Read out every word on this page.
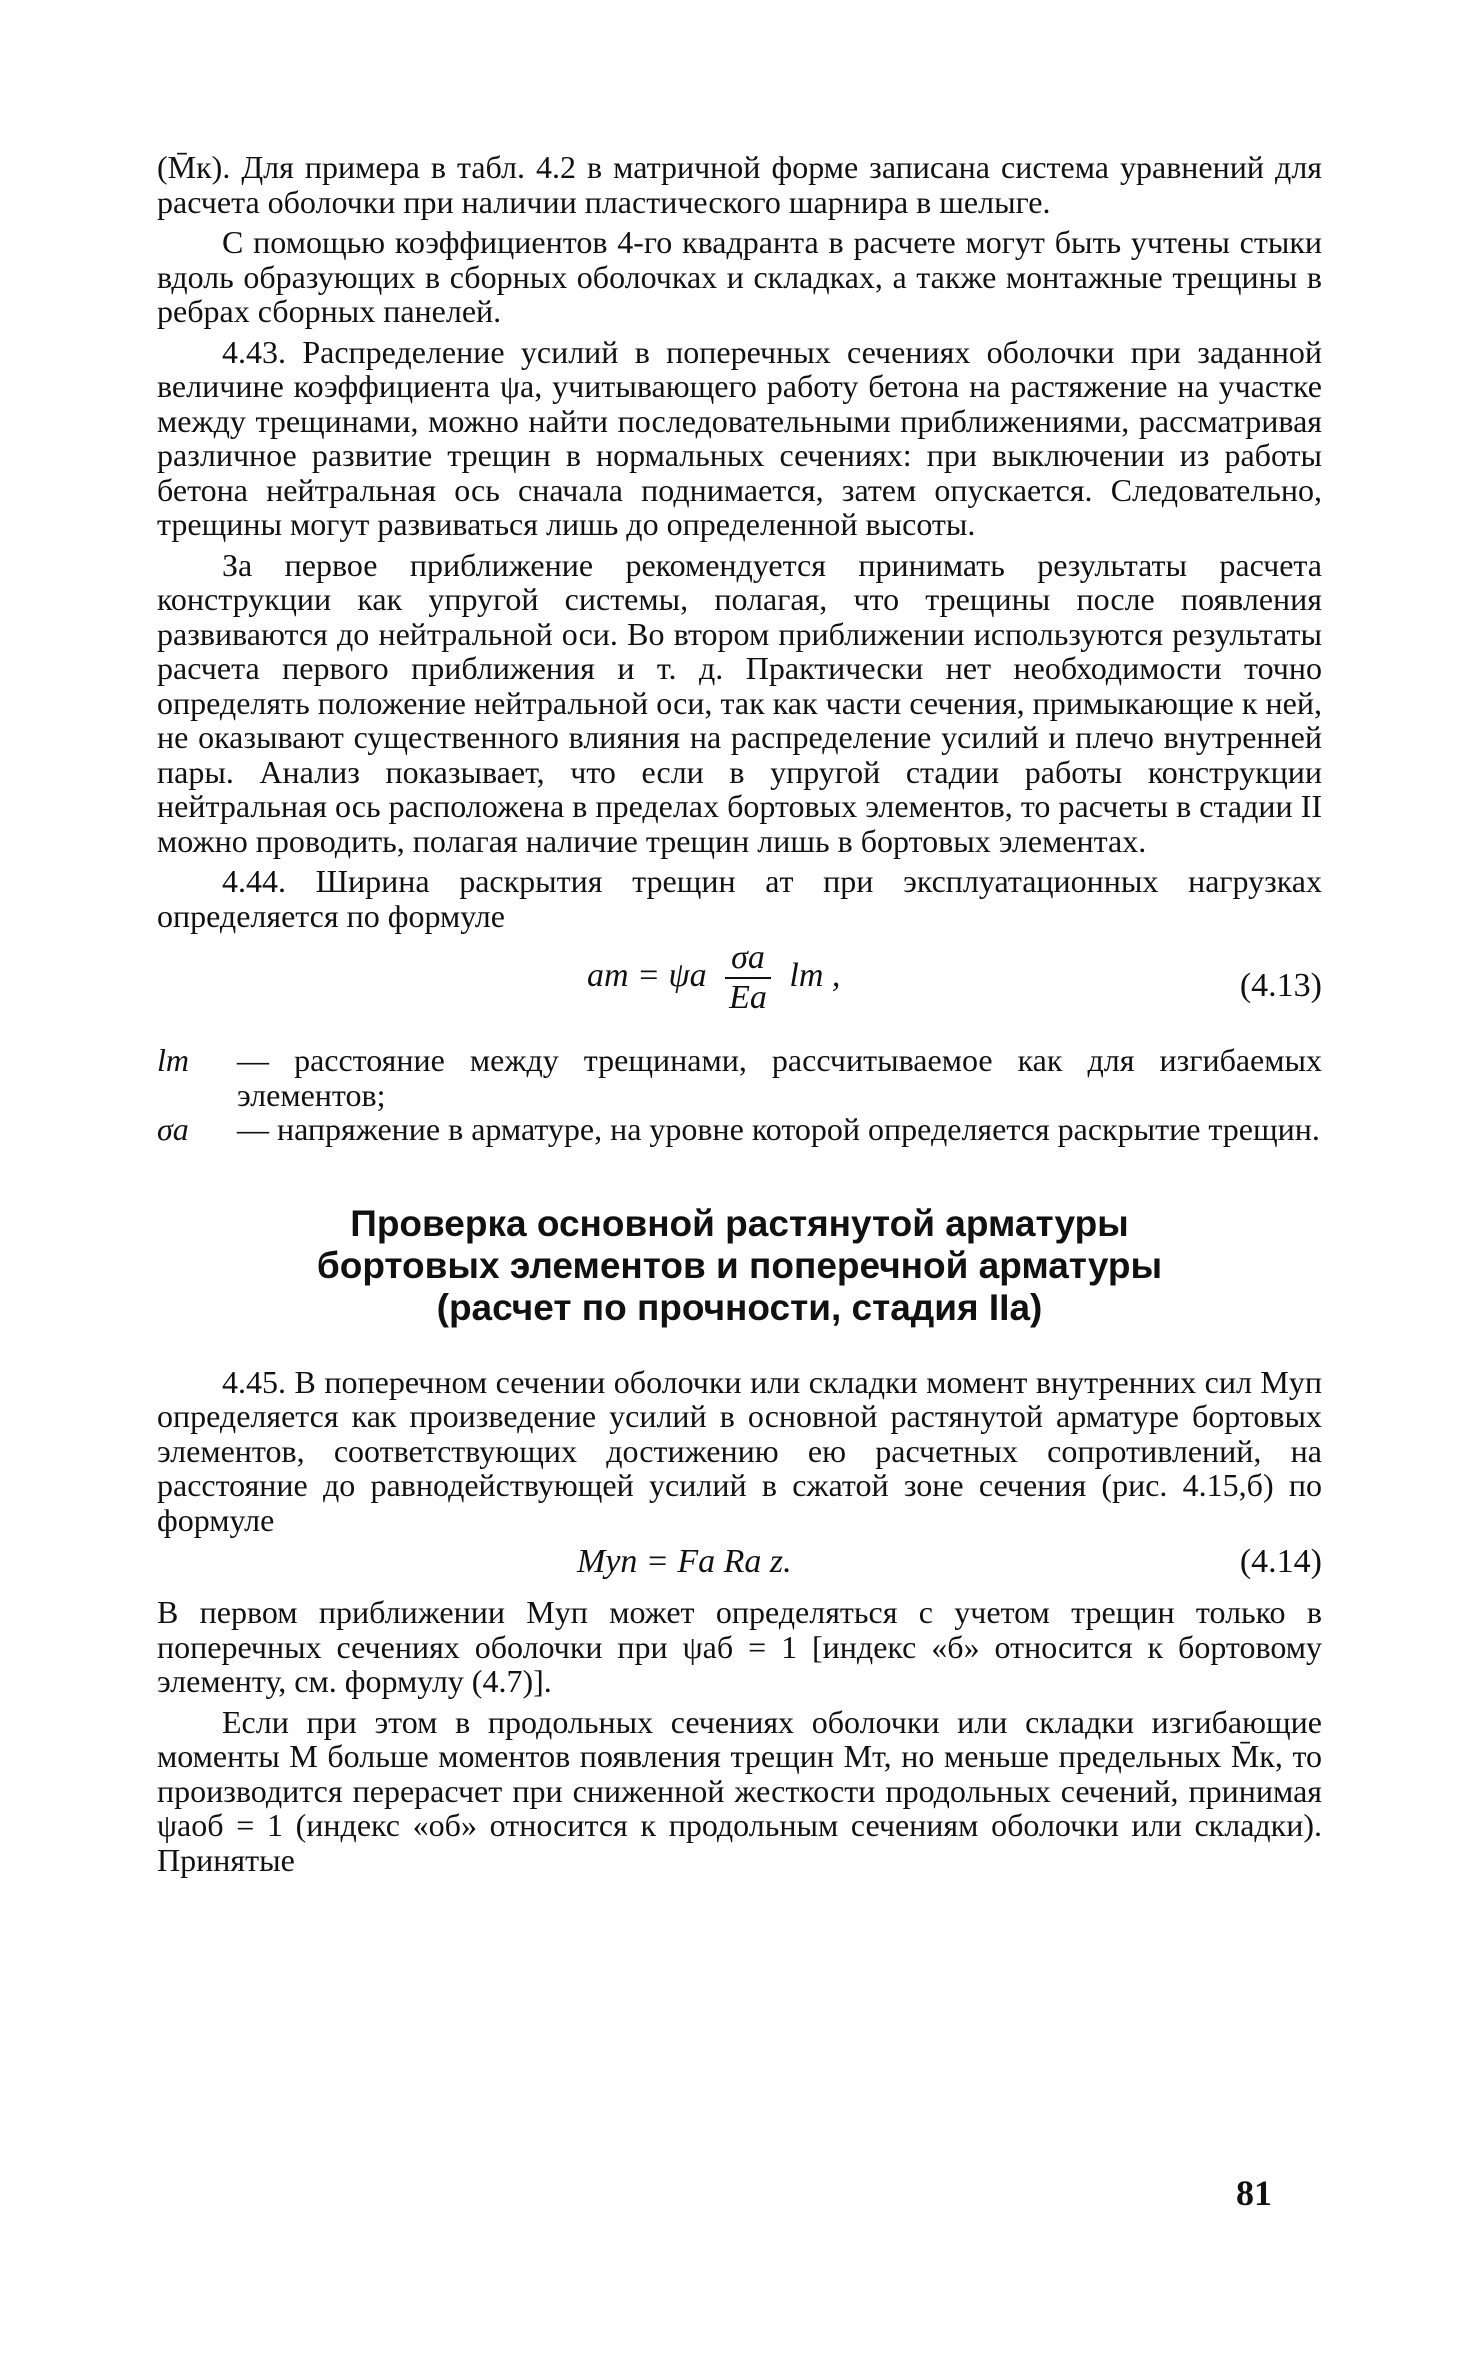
(M̄к). Для примера в табл. 4.2 в матричной форме записана система уравнений для расчета оболочки при наличии пластического шарнира в шелыге.

С помощью коэффициентов 4-го квадранта в расчете могут быть учтены стыки вдоль образующих в сборных оболочках и складках, а также монтажные трещины в ребрах сборных панелей.

4.43. Распределение усилий в поперечных сечениях оболочки при заданной величине коэффициента ψа, учитывающего работу бетона на растяжение на участке между трещинами, можно найти последовательными приближениями, рассматривая различное развитие трещин в нормальных сечениях: при выключении из работы бетона нейтральная ось сначала поднимается, затем опускается. Следовательно, трещины могут развиваться лишь до определенной высоты.

За первое приближение рекомендуется принимать результаты расчета конструкции как упругой системы, полагая, что трещины после появления развиваются до нейтральной оси. Во втором приближении используются результаты расчета первого приближения и т. д. Практически нет необходимости точно определять положение нейтральной оси, так как части сечения, примыкающие к ней, не оказывают существенного влияния на распределение усилий и плечо внутренней пары. Анализ показывает, что если в упругой стадии работы конструкции нейтральная ось расположена в пределах бортовых элементов, то расчеты в стадии II можно проводить, полагая наличие трещин лишь в бортовых элементах.

4.44. Ширина раскрытия трещин aт при эксплуатационных нагрузках определяется по формуле

aт = ψа $\frac{\sigma а}{Eа}$ lт ,	(4.13)
lт	— расстояние между трещинами, рассчитываемое как для изгибаемых элементов;
σа	— напряжение в арматуре, на уровне которой определяется раскрытие трещин.
Проверка основной растянутой арматуры
бортовых элементов и поперечной арматуры
(расчет по прочности, стадия IIа)

4.45. В поперечном сечении оболочки или складки момент внутренних сил Mуп определяется как произведение усилий в основной растянутой арматуре бортовых элементов, соответствующих достижению ею расчетных сопротивлений, на расстояние до равнодействующей усилий в сжатой зоне сечения (рис. 4.15,б) по формуле

Mуп = Fа Rа z.	(4.14)

В первом приближении Mуп может определяться с учетом трещин только в поперечных сечениях оболочки при ψаб = 1 [индекс «б» относится к бортовому элементу, см. формулу (4.7)].

Если при этом в продольных сечениях оболочки или складки изгибающие моменты M больше моментов появления трещин Mт, но меньше предельных M̄к, то производится перерасчет при сниженной жесткости продольных сечений, принимая ψаоб = 1 (индекс «об» относится к продольным сечениям оболочки или складки). Принятые

81
